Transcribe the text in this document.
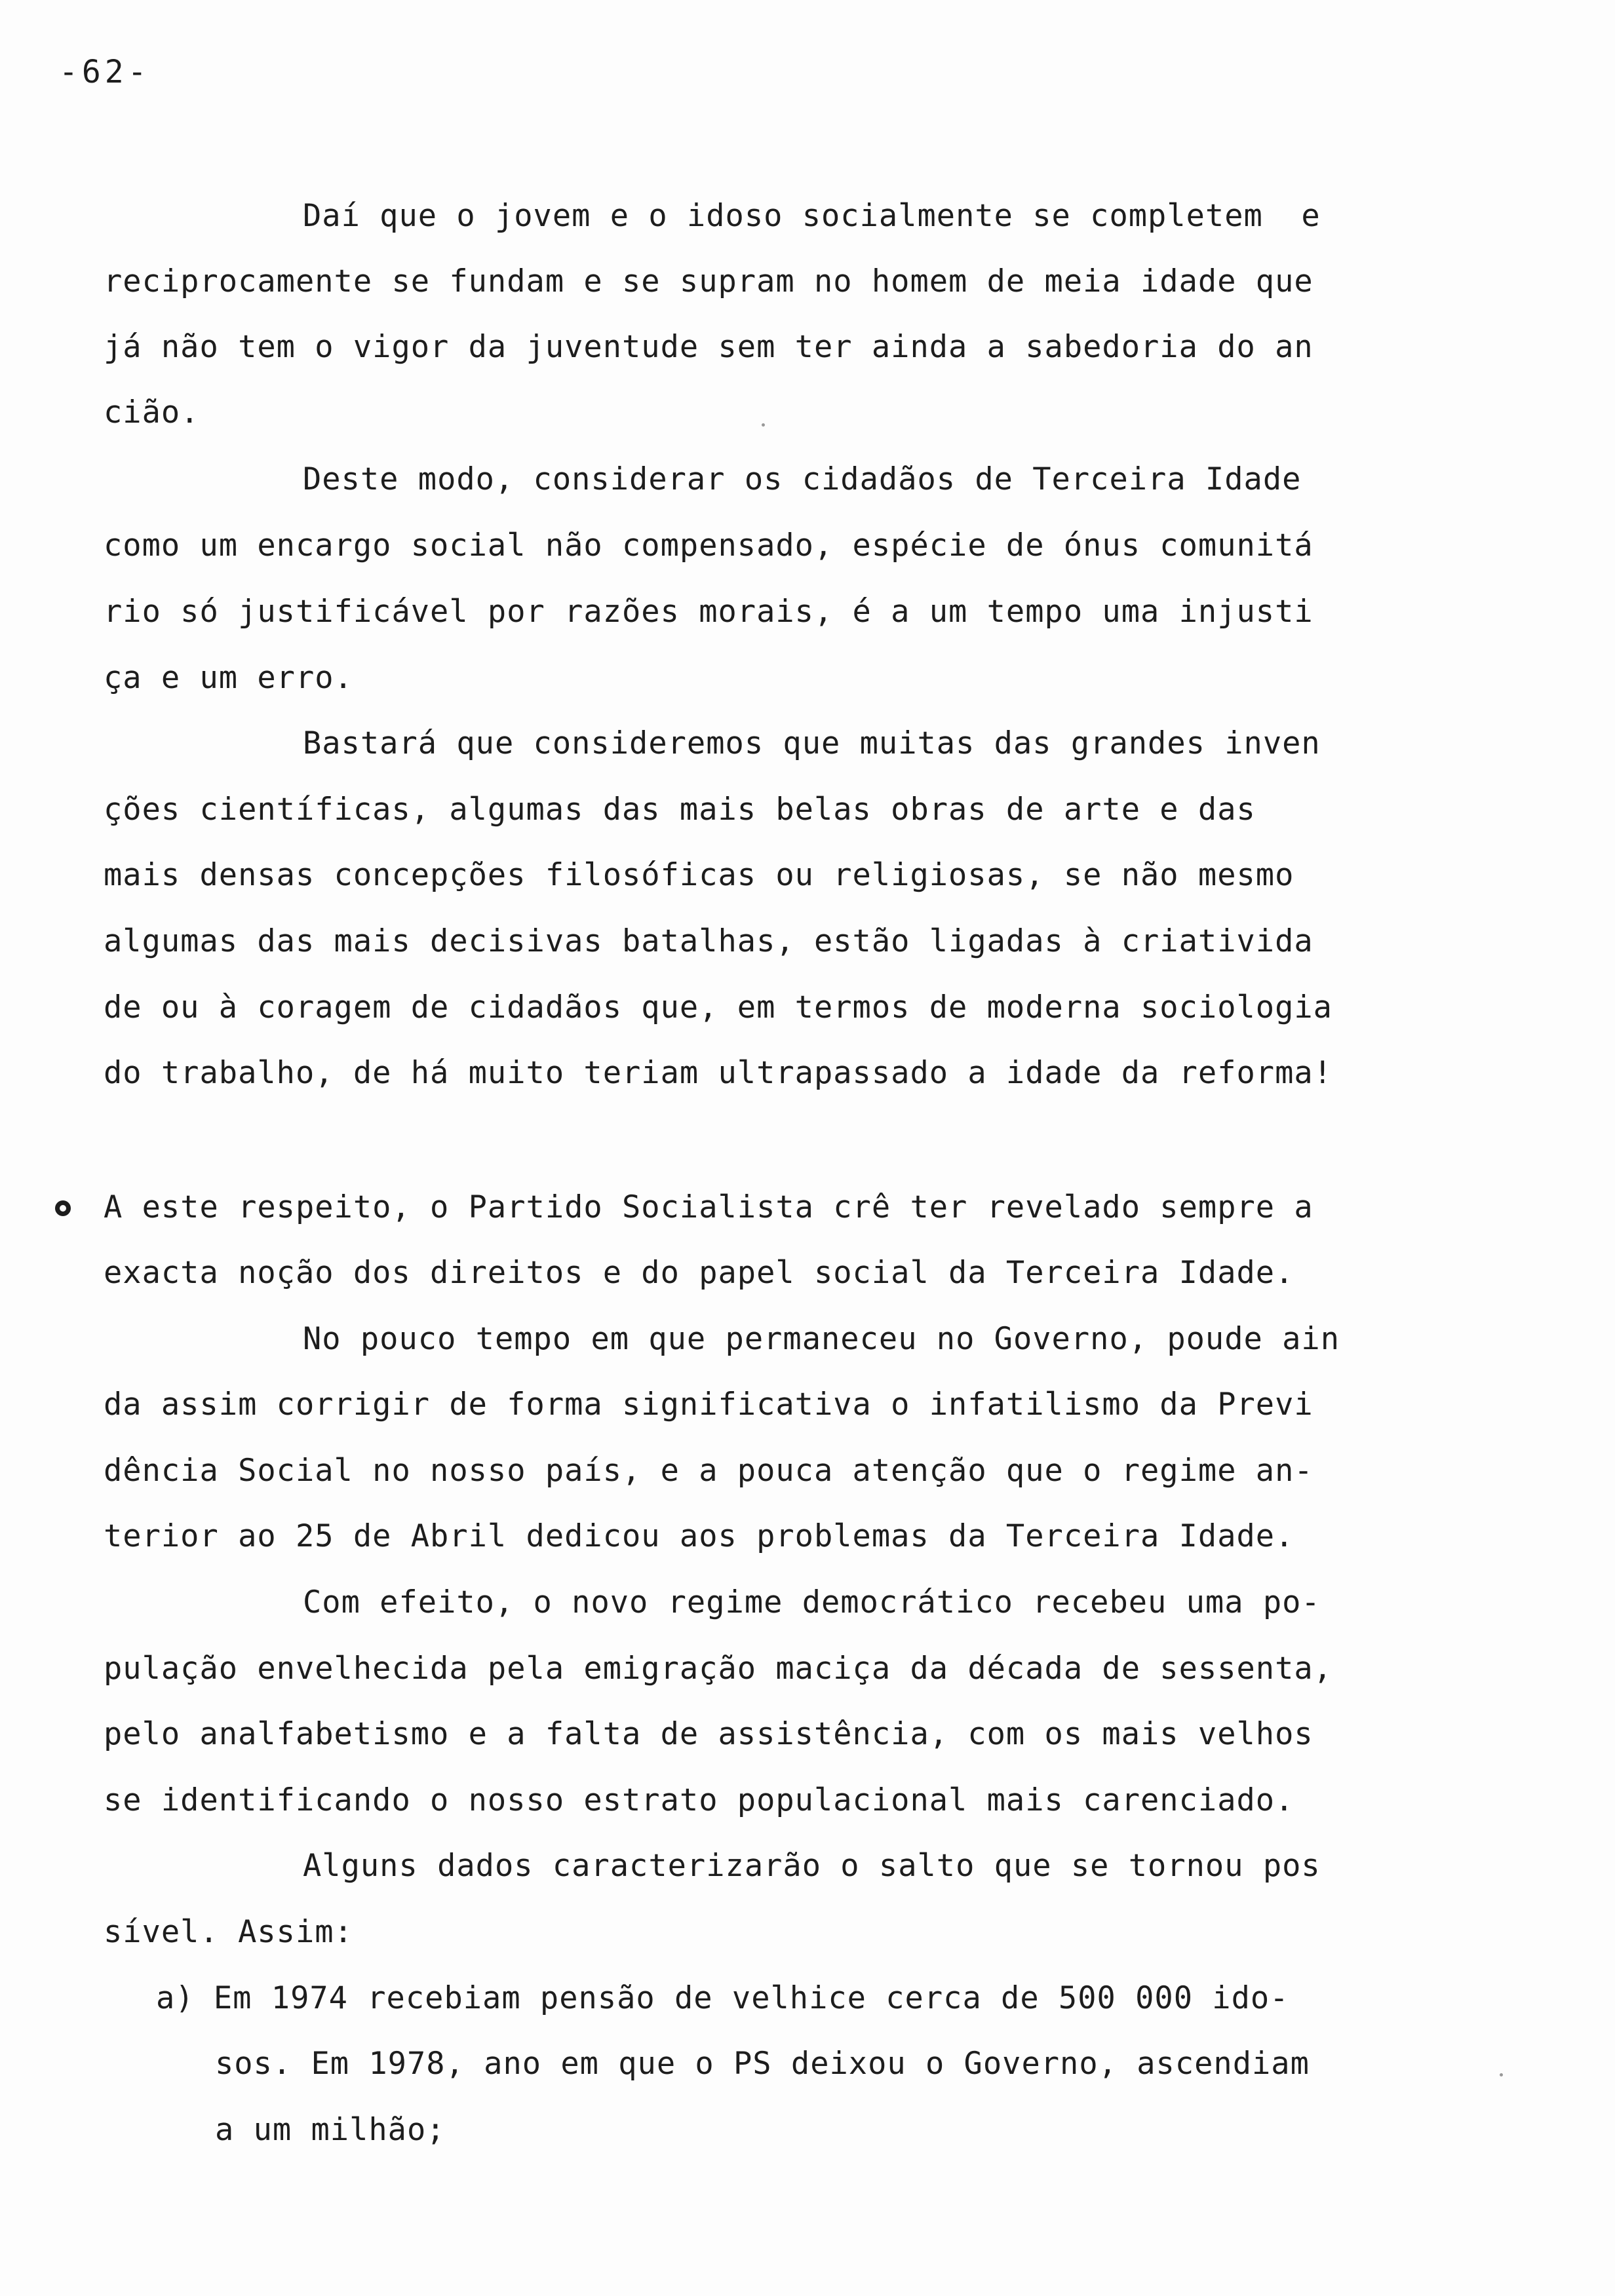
-62-
Daí que o jovem e o idoso socialmente se completem  e
reciprocamente se fundam e se supram no homem de meia idade que
já não tem o vigor da juventude sem ter ainda a sabedoria do an
cião.
Deste modo, considerar os cidadãos de Terceira Idade
como um encargo social não compensado, espécie de ónus comunitá
rio só justificável por razões morais, é a um tempo uma injusti
ça e um erro.
Bastará que consideremos que muitas das grandes inven
ções científicas, algumas das mais belas obras de arte e das
mais densas concepções filosóficas ou religiosas, se não mesmo
algumas das mais decisivas batalhas, estão ligadas à criativida
de ou à coragem de cidadãos que, em termos de moderna sociologia
do trabalho, de há muito teriam ultrapassado a idade da reforma!
A este respeito, o Partido Socialista crê ter revelado sempre a
exacta noção dos direitos e do papel social da Terceira Idade.
No pouco tempo em que permaneceu no Governo, poude ain
da assim corrigir de forma significativa o infatilismo da Previ
dência Social no nosso país, e a pouca atenção que o regime an-
terior ao 25 de Abril dedicou aos problemas da Terceira Idade.
Com efeito, o novo regime democrático recebeu uma po-
pulação envelhecida pela emigração maciça da década de sessenta,
pelo analfabetismo e a falta de assistência, com os mais velhos
se identificando o nosso estrato populacional mais carenciado.
Alguns dados caracterizarão o salto que se tornou pos
sível. Assim:
a) Em 1974 recebiam pensão de velhice cerca de 500 000 ido-
sos. Em 1978, ano em que o PS deixou o Governo, ascendiam
a um milhão;
